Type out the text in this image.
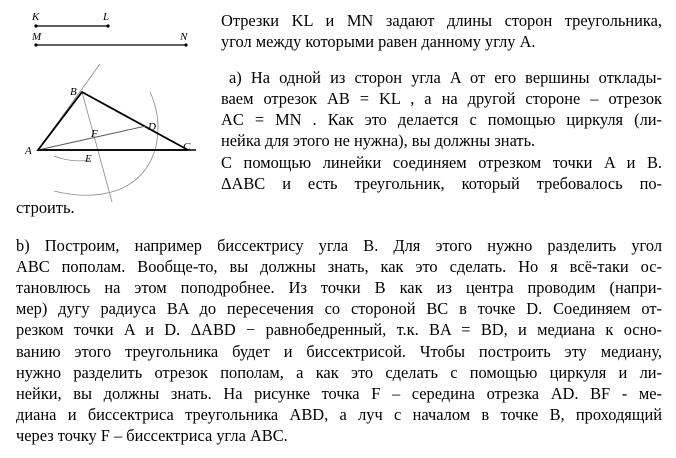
K	L
M	N
A
B
C
D
E
F

Отрезки KL и MN задают длины сторон треугольника,

угол между которыми равен данному углу A.

а) На одной из сторон угла A от его вершины отклады-

ваем отрезок AB = KL , а на другой стороне – отрезок

AC = MN . Как это делается с помощью циркуля (ли-

нейка для этого не нужна), вы должны знать.

С помощью линейки соединяем отрезком точки A и B.

ΔABC и есть треугольник, который требовалось по-

строить.

b) Построим, например биссектрису угла B. Для этого нужно разделить угол

ABC пополам. Вообще-то, вы должны знать, как это сделать. Но я всё-таки ос-

тановлюсь на этом поподробнее. Из точки B как из центра проводим (напри-

мер) дугу радиуса BA до пересечения со стороной BC в точке D. Соединяем от-

резком точки A и D. ΔABD − равнобедренный, т.к. BA = BD, и медиана к осно-

ванию этого треугольника будет и биссектрисой. Чтобы построить эту медиану,

нужно разделить отрезок пополам, а как это сделать с помощью циркуля и ли-

нейки, вы должны знать. На рисунке точка F – середина отрезка AD. BF - ме-

диана и биссектриса треугольника ABD, а луч с началом в точке B, проходящий

через точку F – биссектриса угла ABC.
